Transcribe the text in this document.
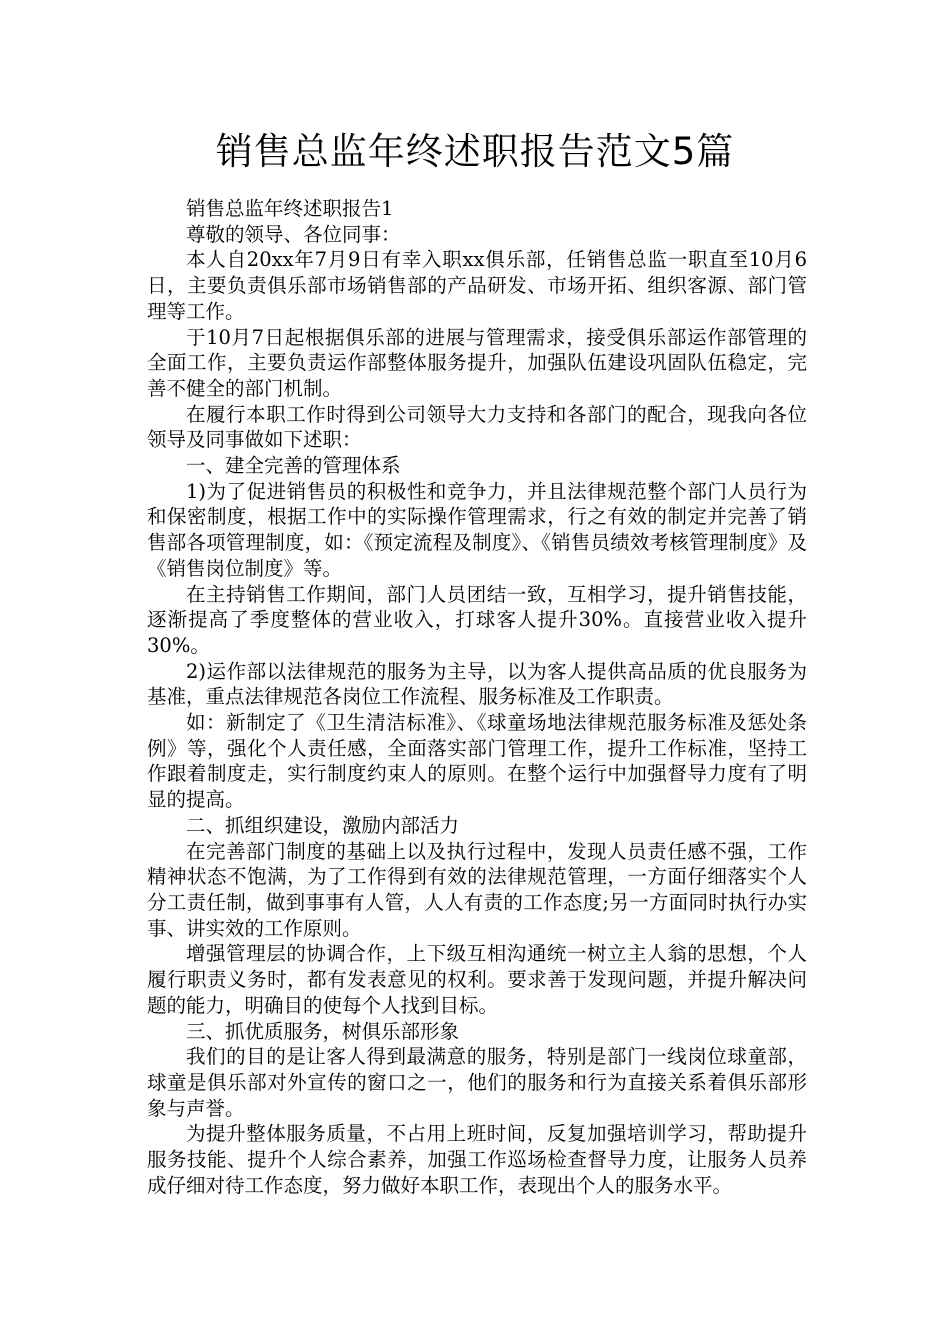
销售总监年终述职报告范文5篇

销售总监年终述职报告1

尊敬的领导、各位同事：

本人自20xx年7月9日有幸入职xx俱乐部，任销售总监一职直至10月6日，主要负责俱乐部市场销售部的产品研发、市场开拓、组织客源、部门管理等工作。

于10月7日起根据俱乐部的进展与管理需求，接受俱乐部运作部管理的全面工作，主要负责运作部整体服务提升，加强队伍建设巩固队伍稳定，完善不健全的部门机制。

在履行本职工作时得到公司领导大力支持和各部门的配合，现我向各位领导及同事做如下述职：

一、建全完善的管理体系

1)为了促进销售员的积极性和竞争力，并且法律规范整个部门人员行为和保密制度，根据工作中的实际操作管理需求，行之有效的制定并完善了销售部各项管理制度，如：《预定流程及制度》、《销售员绩效考核管理制度》及《销售岗位制度》等。

在主持销售工作期间，部门人员团结一致，互相学习，提升销售技能，逐渐提高了季度整体的营业收入，打球客人提升30%。直接营业收入提升30%。

2)运作部以法律规范的服务为主导，以为客人提供高品质的优良服务为基准，重点法律规范各岗位工作流程、服务标准及工作职责。

如：新制定了《卫生清洁标准》、《球童场地法律规范服务标准及惩处条例》等，强化个人责任感，全面落实部门管理工作，提升工作标准，坚持工作跟着制度走，实行制度约束人的原则。在整个运行中加强督导力度有了明显的提高。

二、抓组织建设，激励内部活力

在完善部门制度的基础上以及执行过程中，发现人员责任感不强，工作精神状态不饱满，为了工作得到有效的法律规范管理，一方面仔细落实个人分工责任制，做到事事有人管，人人有责的工作态度;另一方面同时执行办实事、讲实效的工作原则。

增强管理层的协调合作，上下级互相沟通统一树立主人翁的思想，个人履行职责义务时，都有发表意见的权利。要求善于发现问题，并提升解决问题的能力，明确目的使每个人找到目标。

三、抓优质服务，树俱乐部形象

我们的目的是让客人得到最满意的服务，特别是部门一线岗位球童部，球童是俱乐部对外宣传的窗口之一，他们的服务和行为直接关系着俱乐部形象与声誉。

为提升整体服务质量，不占用上班时间，反复加强培训学习，帮助提升服务技能、提升个人综合素养，加强工作巡场检查督导力度，让服务人员养成仔细对待工作态度，努力做好本职工作，表现出个人的服务水平。
